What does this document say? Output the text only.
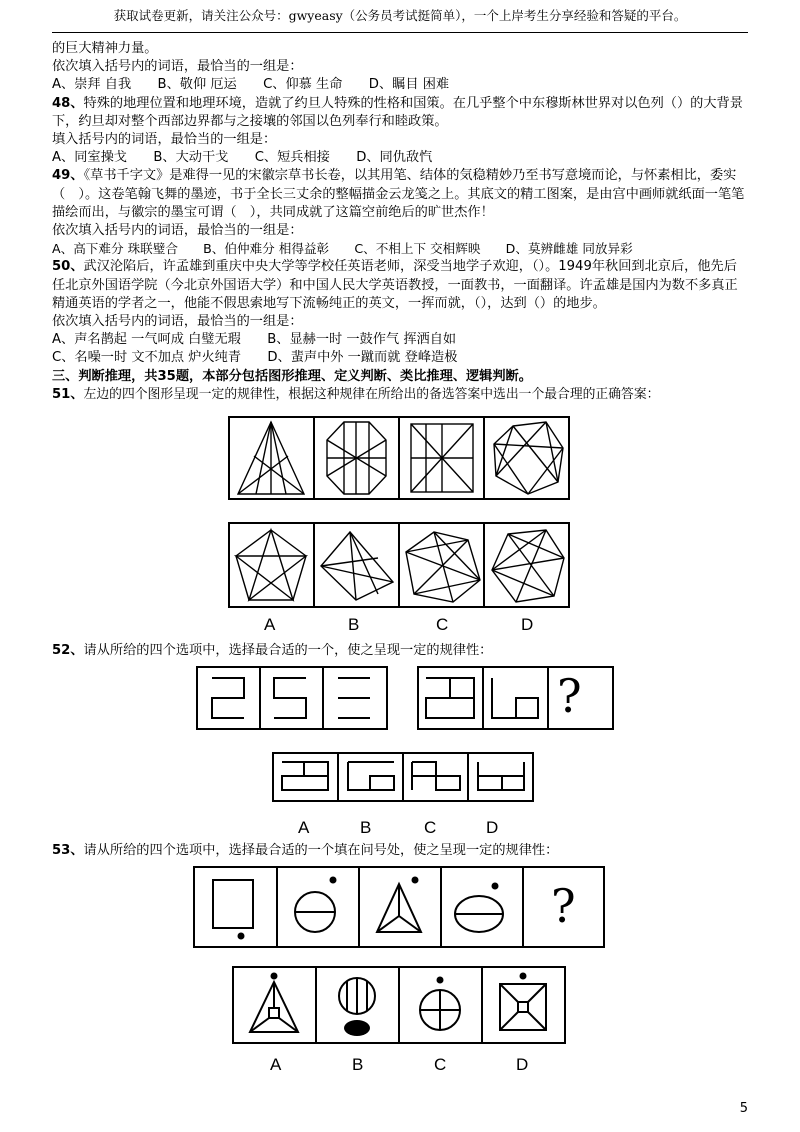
获取试卷更新，请关注公众号：gwyeasy（公务员考试挺简单），一个上岸考生分享经验和答疑的平台。

的巨大精神力量。

依次填入括号内的词语，最恰当的一组是：

A、崇拜 自我　　B、敬仰 厄运　　C、仰慕 生命　　D、瞩目 困难

48、特殊的地理位置和地理环境，造就了约旦人特殊的性格和国策。在几乎整个中东穆斯林世界对以色列（）的大背景下，约旦却对整个西部边界都与之接壤的邻国以色列奉行和睦政策。

填入括号内的词语，最恰当的一组是：

A、同室操戈　　B、大动干戈　　C、短兵相接　　D、同仇敌忾

49、《草书千字文》是难得一见的宋徽宗草书长卷，以其用笔、结体的気稳精妙乃至书写意境而论，与怀素相比，委实（　）。这卷笔翰飞舞的墨迹，书于全长三丈余的整幅描金云龙笺之上。其底文的精工图案，是由宫中画师就纸面一笔笔描绘而出，与徽宗的墨宝可谓（　），共同成就了这篇空前绝后的旷世杰作！

依次填入括号内的词语，最恰当的一组是：

A、高下难分 珠联璧合　　B、伯仲难分 相得益彰　　C、不相上下 交相辉映　　D、莫辨雌雄 同放异彩

50、武汉沦陷后，许孟雄到重庆中央大学等学校任英语老师，深受当地学子欢迎，（）。1949年秋回到北京后，他先后任北京外国语学院（今北京外国语大学）和中国人民大学英语教授，一面教书，一面翻译。许孟雄是国内为数不多真正精通英语的学者之一，他能不假思索地写下流畅纯正的英文，一挥而就，（），达到（）的地步。

依次填入括号内的词语，最恰当的一组是：

A、声名鹊起 一气呵成 白璧无瑕　　B、显赫一时 一鼓作气 挥洒自如

C、名噪一时 文不加点 炉火纯青　　D、蜚声中外 一蹴而就 登峰造极

三、判断推理，共35题，本部分包括图形推理、定义判断、类比推理、逻辑判断。

51、左边的四个图形呈现一定的规律性，根据这种规律在所给出的备选答案中选出一个最合理的正确答案：

A	B	C	D

52、请从所给的四个选项中，选择最合适的一个，使之呈现一定的规律性：

?
A	B	C	D

53、请从所给的四个选项中，选择最合适的一个填在问号处，使之呈现一定的规律性：

?
A	B	C	D
5
